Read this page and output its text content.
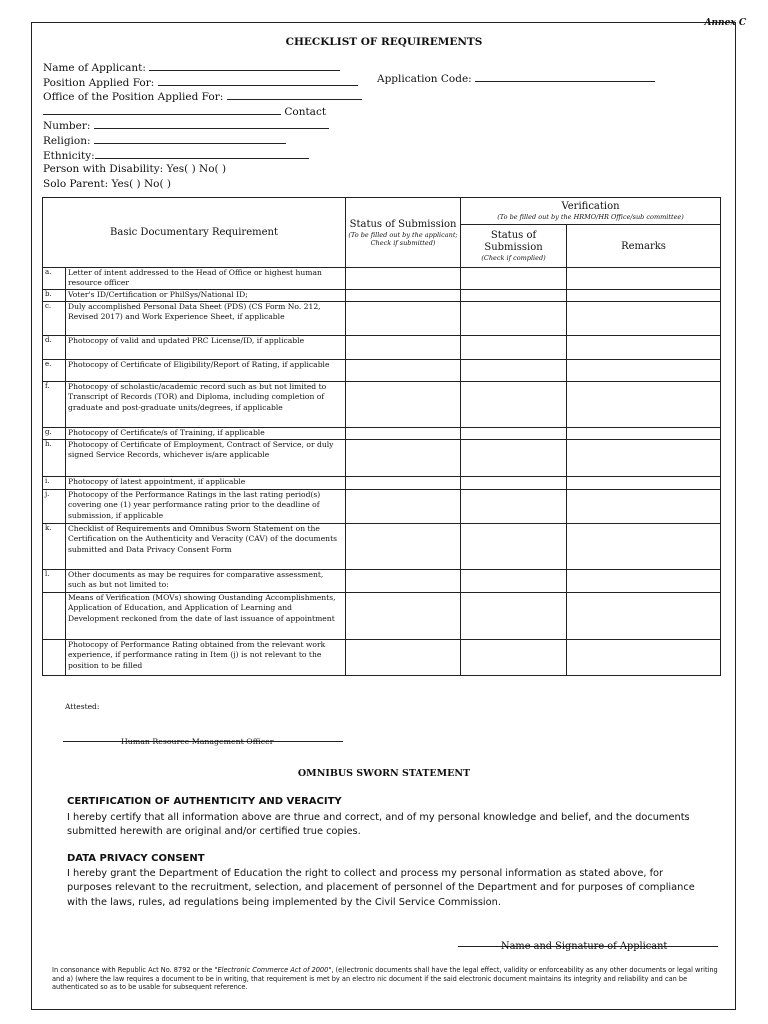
Annex C
CHECKLIST OF REQUIREMENTS
Name of Applicant:
Position Applied For:
Office of the Position Applied For:
Contact
Number:
Religion:
Ethnicity:
Person with Disability: Yes( ) No( )
Solo Parent: Yes( ) No( )
Application Code:
Basic Documentary Requirement		Status of Submission
(To be filled out by the applicant; Check if submitted)	Verification
(To be filled out by the HRMO/HR Office/sub committee)	

			Status of Submission
(Check if complied)	Remarks
a.	Letter of intent addressed to the Head of Office or highest human resource officer			
b.	Voter's ID/Certification or PhilSys/National ID;			
c.	Duly accomplished Personal Data Sheet (PDS) (CS Form No. 212, Revised 2017) and Work Experience Sheet, if applicable			
d.	Photocopy of valid and updated PRC License/ID, if applicable			
e.	Photocopy of Certificate of Eligibility/Report of Rating, if applicable			
f.	Photocopy of scholastic/academic record such as but not limited to Transcript of Records (TOR) and Diploma, including completion of graduate and post-graduate units/degrees, if applicable			
g.	Photocopy of Certificate/s of Training, if applicable			
h.	Photocopy of Certificate of Employment, Contract of Service, or duly signed Service Records, whichever is/are applicable			
i.	Photocopy of latest appointment, if applicable			
j.	Photocopy of the Performance Ratings in the last rating period(s) covering one (1) year performance rating prior to the deadline of submission, if applicable			
k.	Checklist of Requirements and Omnibus Sworn Statement on the Certification on the Authenticity and Veracity (CAV) of the documents submitted and Data Privacy Consent Form			
l.	Other documents as may be requires for comparative assessment, such as but not limited to:			
	Means of Verification (MOVs) showing Oustanding Accomplishments, Application of Education, and Application of Learning and Development reckoned from the date of last issuance of appointment			
	Photocopy of Performance Rating obtained from the relevant work experience, if performance rating in Item (j) is not relevant to the position to be filled			
Attested:
Human Resource Management Officer
OMNIBUS SWORN STATEMENT
CERTIFICATION OF AUTHENTICITY AND VERACITY
I hereby certify that all information above are thrue and correct, and of my personal knowledge and belief, and the documents submitted herewith are original and/or certified true copies.
DATA PRIVACY CONSENT
I hereby grant the Department of Education the right to collect and process my personal information as stated above, for purposes relevant to the recruitment, selection, and placement of personnel of the Department and for purposes of compliance with the laws, rules, ad regulations being implemented by the Civil Service Commission.
Name and Signature of Applicant
In consonance with Republic Act No. 8792 or the "Electronic Commerce Act of 2000", (e)lectronic documents shall have the legal effect, validity or enforceability as any other documents or legal writing and a) (where the law requires a document to be in writing, that requirement is met by an electro nic document if the said electronic document maintains its integrity and reliability and can be authenticated so as to be usable for subsequent reference.
